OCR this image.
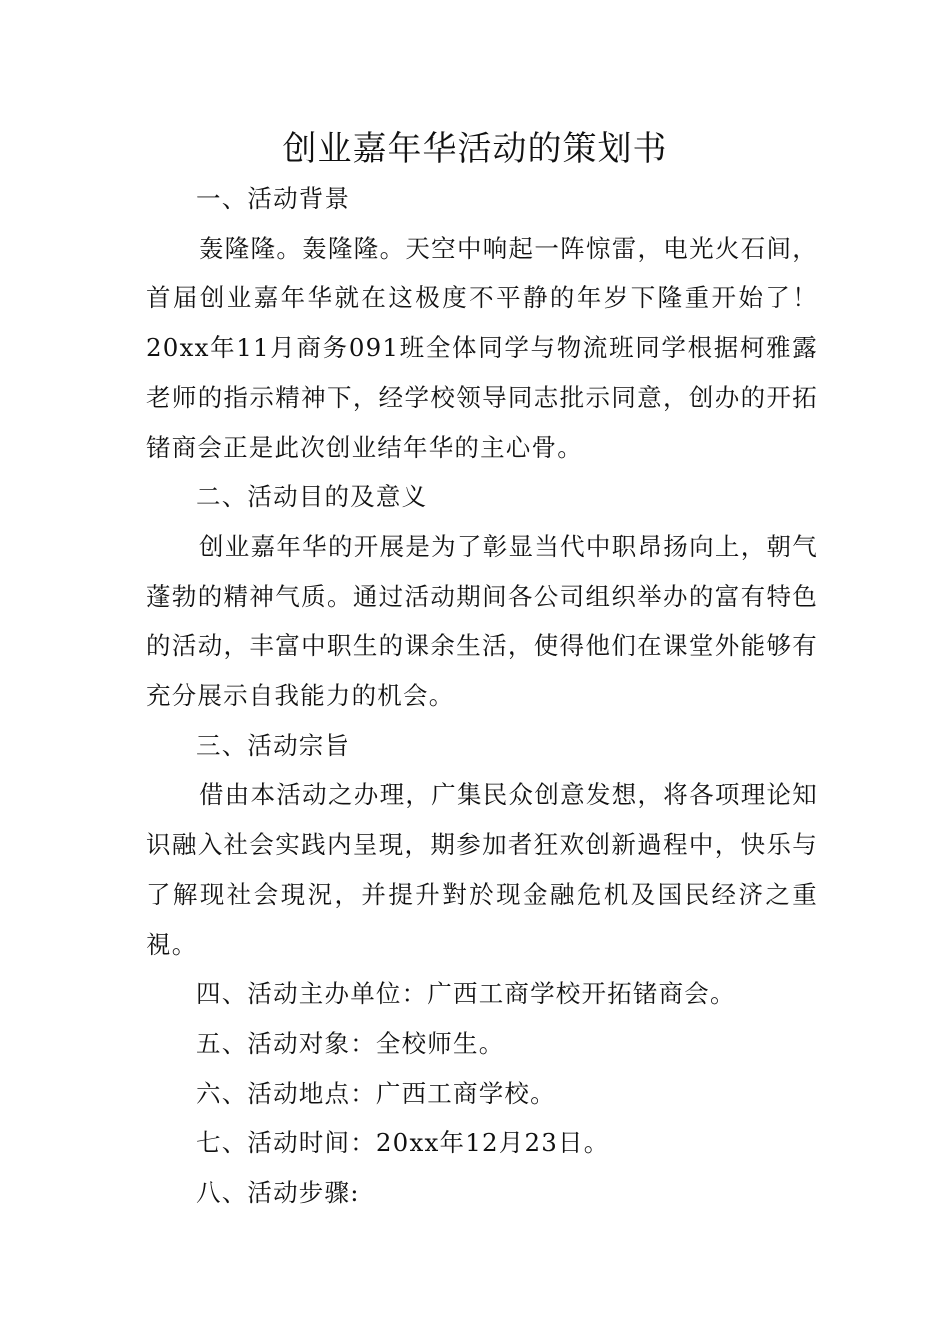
创业嘉年华活动的策划书
一、活动背景

轰隆隆。轰隆隆。天空中响起一阵惊雷，电光火石间，首届创业嘉年华就在这极度不平静的年岁下隆重开始了！20xx年11月商务091班全体同学与物流班同学根据柯雅露老师的指示精神下，经学校领导同志批示同意，创办的开拓锗商会正是此次创业结年华的主心骨。

二、活动目的及意义

创业嘉年华的开展是为了彰显当代中职昂扬向上，朝气蓬勃的精神气质。通过活动期间各公司组织举办的富有特色的活动，丰富中职生的课余生活，使得他们在课堂外能够有充分展示自我能力的机会。

三、活动宗旨

借由本活动之办理，广集民众创意发想，将各项理论知识融入社会实践内呈現，期参加者狂欢创新過程中，快乐与了解现社会現況，并提升對於现金融危机及国民经济之重視。

四、活动主办单位：广西工商学校开拓锗商会。

五、活动对象：全校师生。

六、活动地点：广西工商学校。

七、活动时间：20xx年12月23日。

八、活动步骤:
